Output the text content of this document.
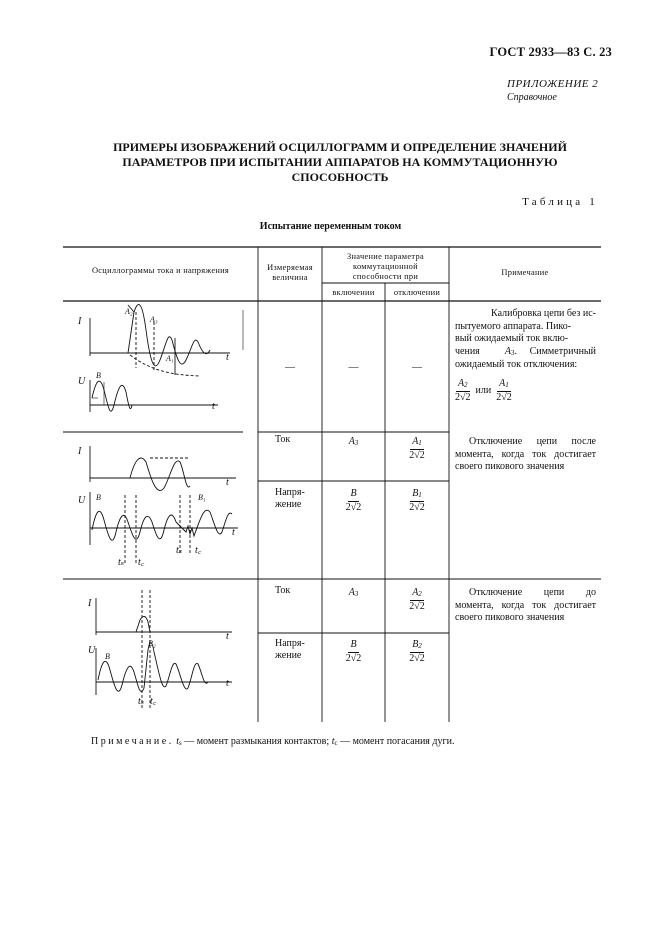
ГОСТ 2933—83 С. 23
ПРИЛОЖЕНИЕ 2
Справочное
ПРИМЕРЫ ИЗОБРАЖЕНИЙ ОСЦИЛЛОГРАММ И ОПРЕДЕЛЕНИЕ ЗНАЧЕНИЙ
ПАРАМЕТРОВ ПРИ ИСПЫТАНИИ АППАРАТОВ НА КОММУТАЦИОННУЮ
СПОСОБНОСТЬ
Таблица 1
Испытание переменным током
I
t
A₂
A₃
A₁
U
B
t
I
t
U B	B₁
t
tₛ t꜀
tₛ t꜀
I
t
U
B
B₂
t
tₛ t꜀
Осциллограммы тока и напряжения	Измеряемая
величина
Значение параметра
коммутационной
способности при
включении	отключении
Примечание
—	—	—
Калибровка цепи без ис-
пытуемого аппарата. Пико-
вый ожидаемый ток вклю-
чения	A3. Симметричный ожидаемый ток отключения:
$\frac{A2}{2√2}$ или $\frac{A1}{2√2}$
Ток	A3	$\frac{A1}{2√2}$
Напря-
жение	$\frac{B}{2√2}$	$\frac{B1}{2√2}$
Отключение цепи после момента, когда ток достигает своего пикового значения
Ток	A3	$\frac{A2}{2√2}$
Напря-
жение	$\frac{B}{2√2}$	$\frac{B2}{2√2}$
Отключение цепи до момента, когда ток достигает своего пикового значения
Примечание. ts — момент размыкания контактов; tc — момент погасания дуги.
